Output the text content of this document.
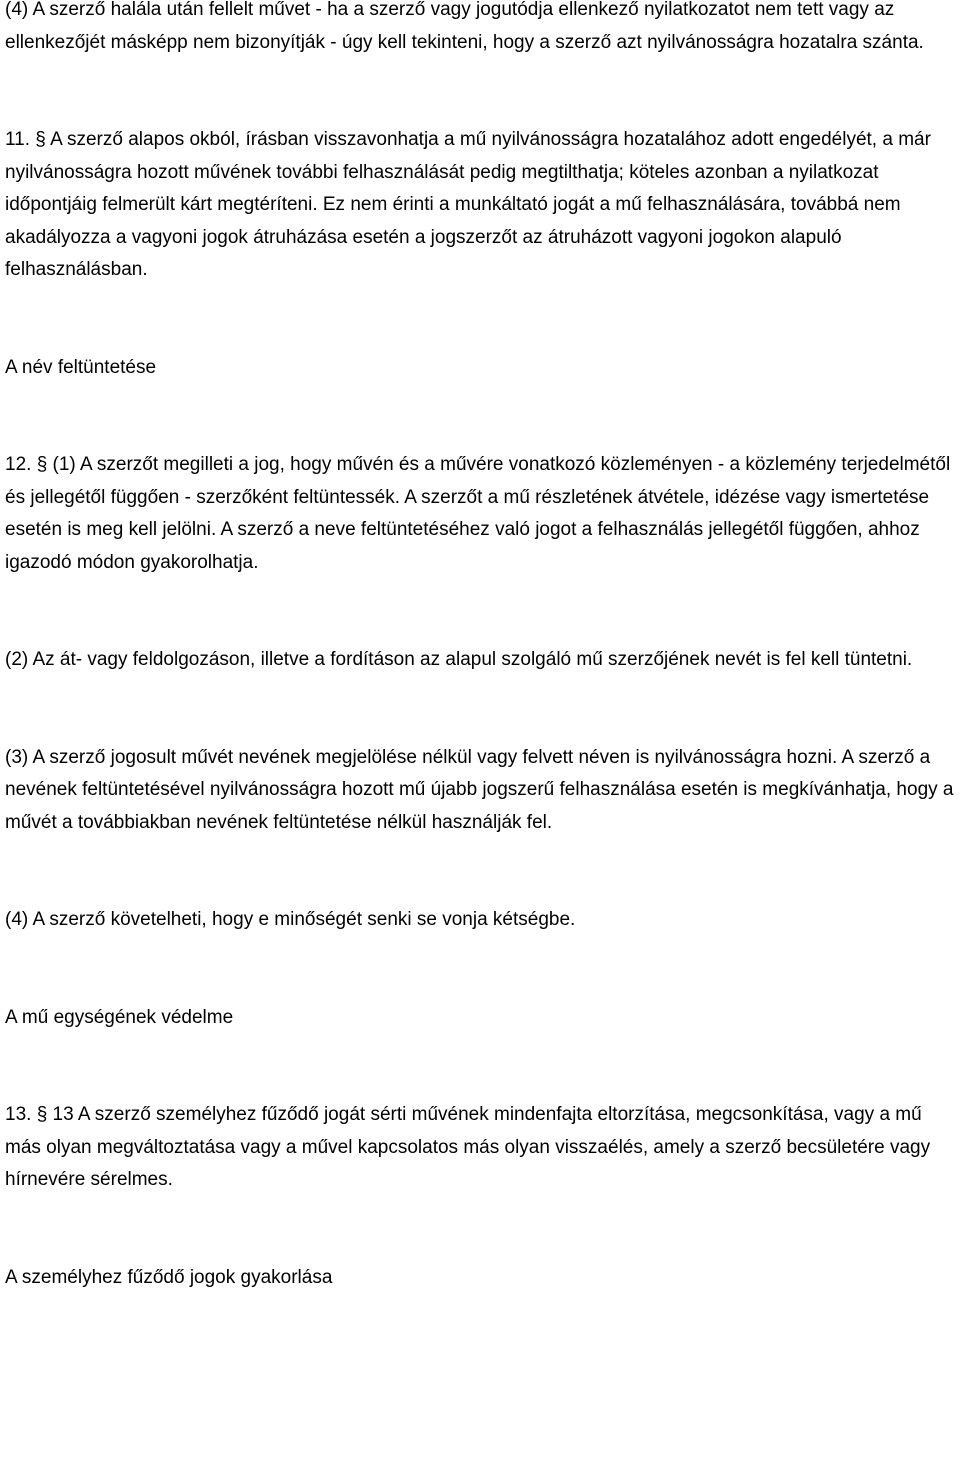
(4) A szerző halála után fellelt művet - ha a szerző vagy jogutódja ellenkező nyilatkozatot nem tett vagy az ellenkezőjét másképp nem bizonyítják - úgy kell tekinteni, hogy a szerző azt nyilvánosságra hozatalra szánta.

11. § A szerző alapos okból, írásban visszavonhatja a mű nyilvánosságra hozatalához adott engedélyét, a már nyilvánosságra hozott művének további felhasználását pedig megtilthatja; köteles azonban a nyilatkozat időpontjáig felmerült kárt megtéríteni. Ez nem érinti a munkáltató jogát a mű felhasználására, továbbá nem akadályozza a vagyoni jogok átruházása esetén a jogszerzőt az átruházott vagyoni jogokon alapuló felhasználásban.

A név feltüntetése

12. § (1) A szerzőt megilleti a jog, hogy művén és a művére vonatkozó közleményen - a közlemény terjedelmétől és jellegétől függően - szerzőként feltüntessék. A szerzőt a mű részletének átvétele, idézése vagy ismertetése esetén is meg kell jelölni. A szerző a neve feltüntetéséhez való jogot a felhasználás jellegétől függően, ahhoz igazodó módon gyakorolhatja.

(2) Az át- vagy feldolgozáson, illetve a fordításon az alapul szolgáló mű szerzőjének nevét is fel kell tüntetni.

(3) A szerző jogosult művét nevének megjelölése nélkül vagy felvett néven is nyilvánosságra hozni. A szerző a nevének feltüntetésével nyilvánosságra hozott mű újabb jogszerű felhasználása esetén is megkívánhatja, hogy a művét a továbbiakban nevének feltüntetése nélkül használják fel.

(4) A szerző követelheti, hogy e minőségét senki se vonja kétségbe.

A mű egységének védelme

13. § 13 A szerző személyhez fűződő jogát sérti művének mindenfajta eltorzítása, megcsonkítása, vagy a mű más olyan megváltoztatása vagy a művel kapcsolatos más olyan visszaélés, amely a szerző becsületére vagy hírnevére sérelmes.

A személyhez fűződő jogok gyakorlása
